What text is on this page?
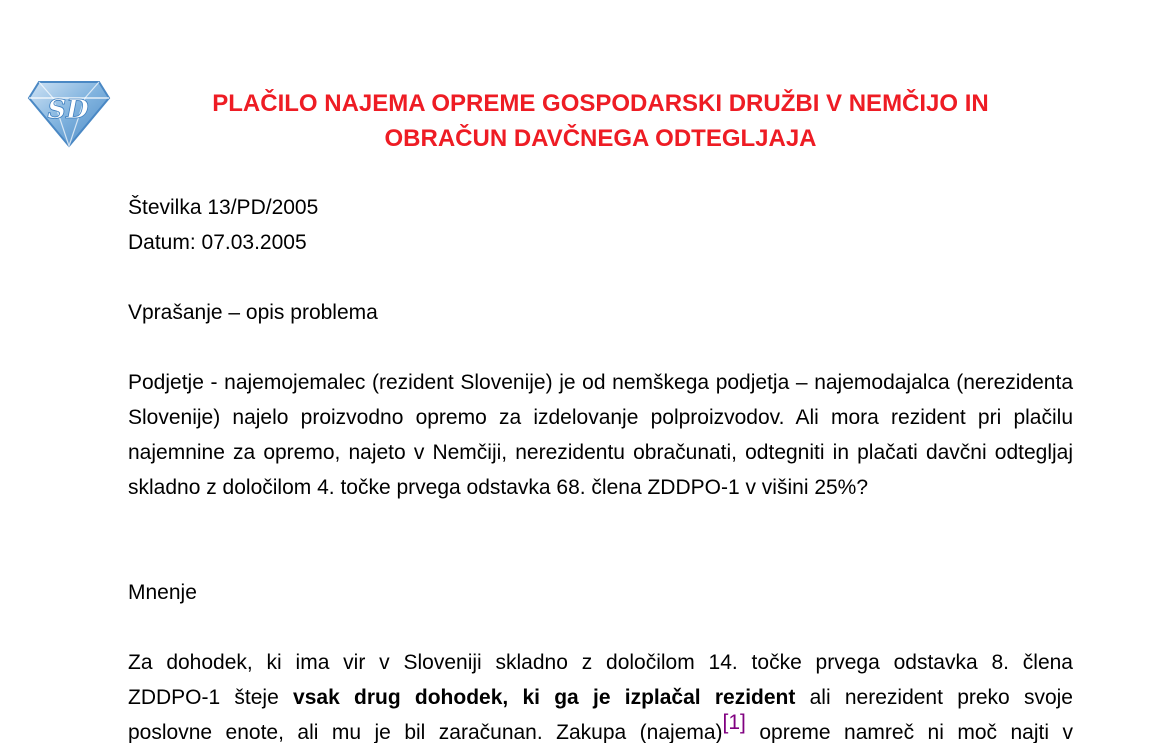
SD	PLAČILO NAJEMA OPREME GOSPODARSKI DRUŽBI V NEMČIJO IN
OBRAČUN DAVČNEGA ODTEGLJAJA

Številka 13/PD/2005

Datum: 07.03.2005

Vprašanje – opis problema

Podjetje - najemojemalec (rezident Slovenije) je od nemškega podjetja – najemodajalca (nerezidenta Slovenije) najelo proizvodno opremo za izdelovanje polproizvodov. Ali mora rezident pri plačilu najemnine za opremo, najeto v Nemčiji, nerezidentu obračunati, odtegniti in plačati davčni odtegljaj skladno z določilom 4. točke prvega odstavka 68. člena ZDDPO-1 v višini 25%?

Mnenje

Za dohodek, ki ima vir v Sloveniji skladno z določilom 14. točke prvega odstavka 8. člena
ZDDPO-1 šteje vsak drug dohodek, ki ga je izplačal rezident ali nerezident preko svoje
poslovne enote, ali mu je bil zaračunan. Zakupa (najema)[1] opreme namreč ni moč najti v
